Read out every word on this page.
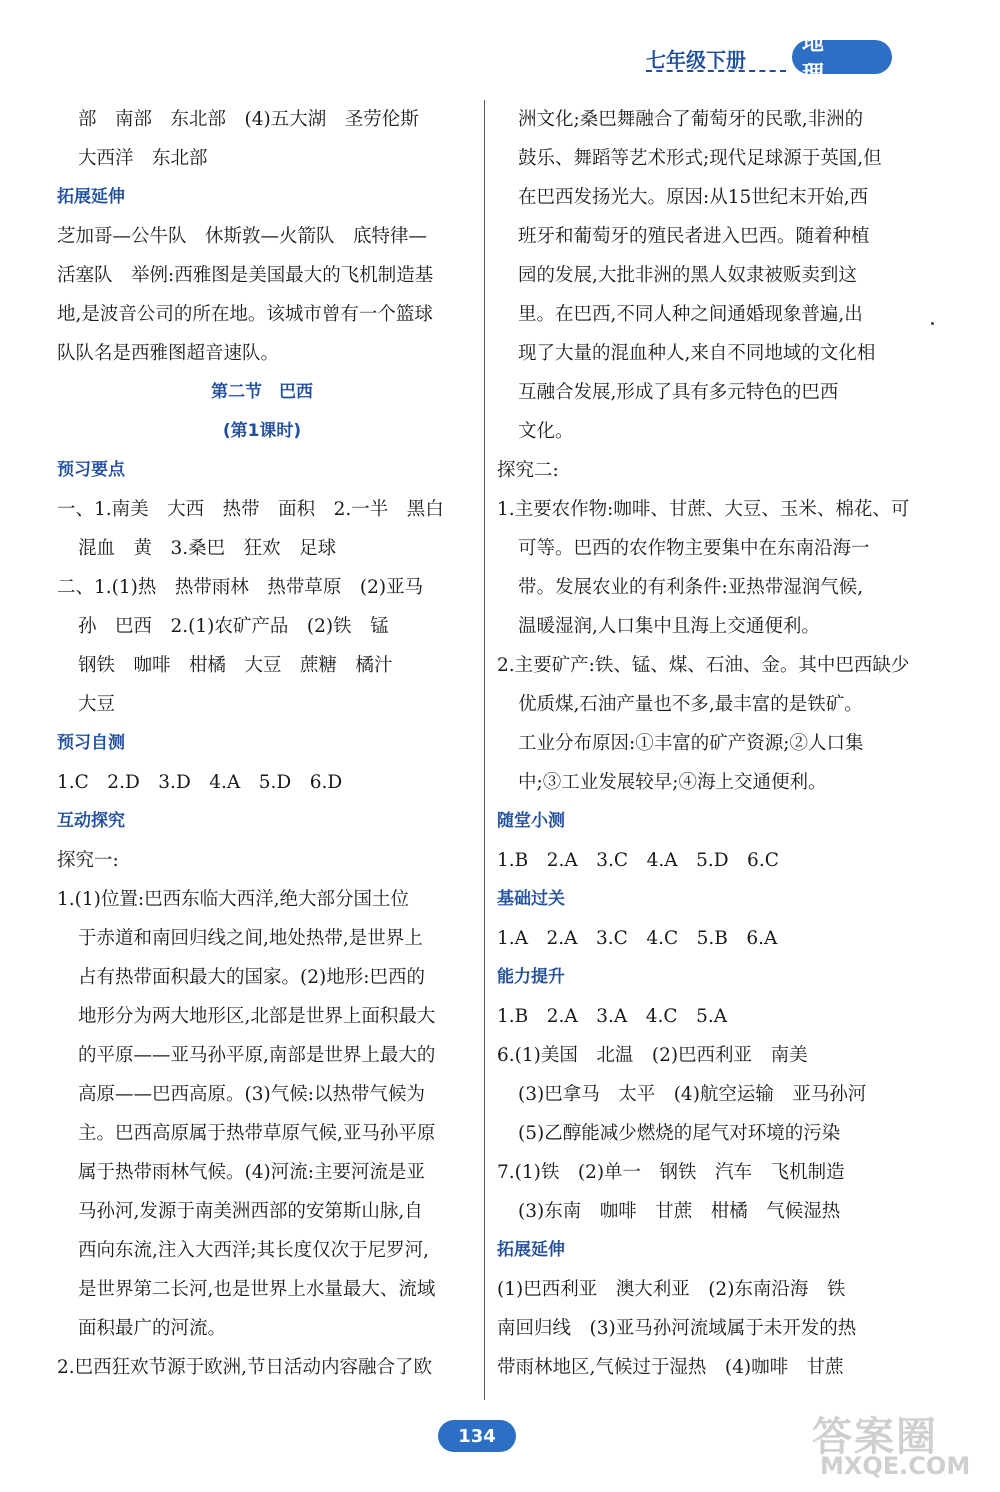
七年级下册
地 理
部　南部　东北部　(4)五大湖　圣劳伦斯
大西洋　东北部
拓展延伸
芝加哥—公牛队　休斯敦—火箭队　底特律—
活塞队　举例:西雅图是美国最大的飞机制造基
地,是波音公司的所在地。该城市曾有一个篮球
队队名是西雅图超音速队。
第二节　巴西
(第1课时)
预习要点
一、1.南美　大西　热带　面积　2.一半　黑白
混血　黄　3.桑巴　狂欢　足球
二、1.(1)热　热带雨林　热带草原　(2)亚马
孙　巴西　2.(1)农矿产品　(2)铁　锰
钢铁　咖啡　柑橘　大豆　蔗糖　橘汁
大豆
预习自测
1.C　2.D　3.D　4.A　5.D　6.D
互动探究
探究一:
1.(1)位置:巴西东临大西洋,绝大部分国土位
于赤道和南回归线之间,地处热带,是世界上
占有热带面积最大的国家。(2)地形:巴西的
地形分为两大地形区,北部是世界上面积最大
的平原——亚马孙平原,南部是世界上最大的
高原——巴西高原。(3)气候:以热带气候为
主。巴西高原属于热带草原气候,亚马孙平原
属于热带雨林气候。(4)河流:主要河流是亚
马孙河,发源于南美洲西部的安第斯山脉,自
西向东流,注入大西洋;其长度仅次于尼罗河,
是世界第二长河,也是世界上水量最大、流域
面积最广的河流。
2.巴西狂欢节源于欧洲,节日活动内容融合了欧
洲文化;桑巴舞融合了葡萄牙的民歌,非洲的
鼓乐、舞蹈等艺术形式;现代足球源于英国,但
在巴西发扬光大。原因:从15世纪末开始,西
班牙和葡萄牙的殖民者进入巴西。随着种植
园的发展,大批非洲的黑人奴隶被贩卖到这
里。在巴西,不同人种之间通婚现象普遍,出
现了大量的混血种人,来自不同地域的文化相
互融合发展,形成了具有多元特色的巴西
文化。
探究二:
1.主要农作物:咖啡、甘蔗、大豆、玉米、棉花、可
可等。巴西的农作物主要集中在东南沿海一
带。发展农业的有利条件:亚热带湿润气候,
温暖湿润,人口集中且海上交通便利。
2.主要矿产:铁、锰、煤、石油、金。其中巴西缺少
优质煤,石油产量也不多,最丰富的是铁矿。
工业分布原因:①丰富的矿产资源;②人口集
中;③工业发展较早;④海上交通便利。
随堂小测
1.B　2.A　3.C　4.A　5.D　6.C
基础过关
1.A　2.A　3.C　4.C　5.B　6.A
能力提升
1.B　2.A　3.A　4.C　5.A
6.(1)美国　北温　(2)巴西利亚　南美
(3)巴拿马　太平　(4)航空运输　亚马孙河
(5)乙醇能减少燃烧的尾气对环境的污染
7.(1)铁　(2)单一　钢铁　汽车　飞机制造
(3)东南　咖啡　甘蔗　柑橘　气候湿热
拓展延伸
(1)巴西利亚　澳大利亚　(2)东南沿海　铁
南回归线　(3)亚马孙河流域属于未开发的热
带雨林地区,气候过于湿热　(4)咖啡　甘蔗
134	答案圈
MXQE.COM
